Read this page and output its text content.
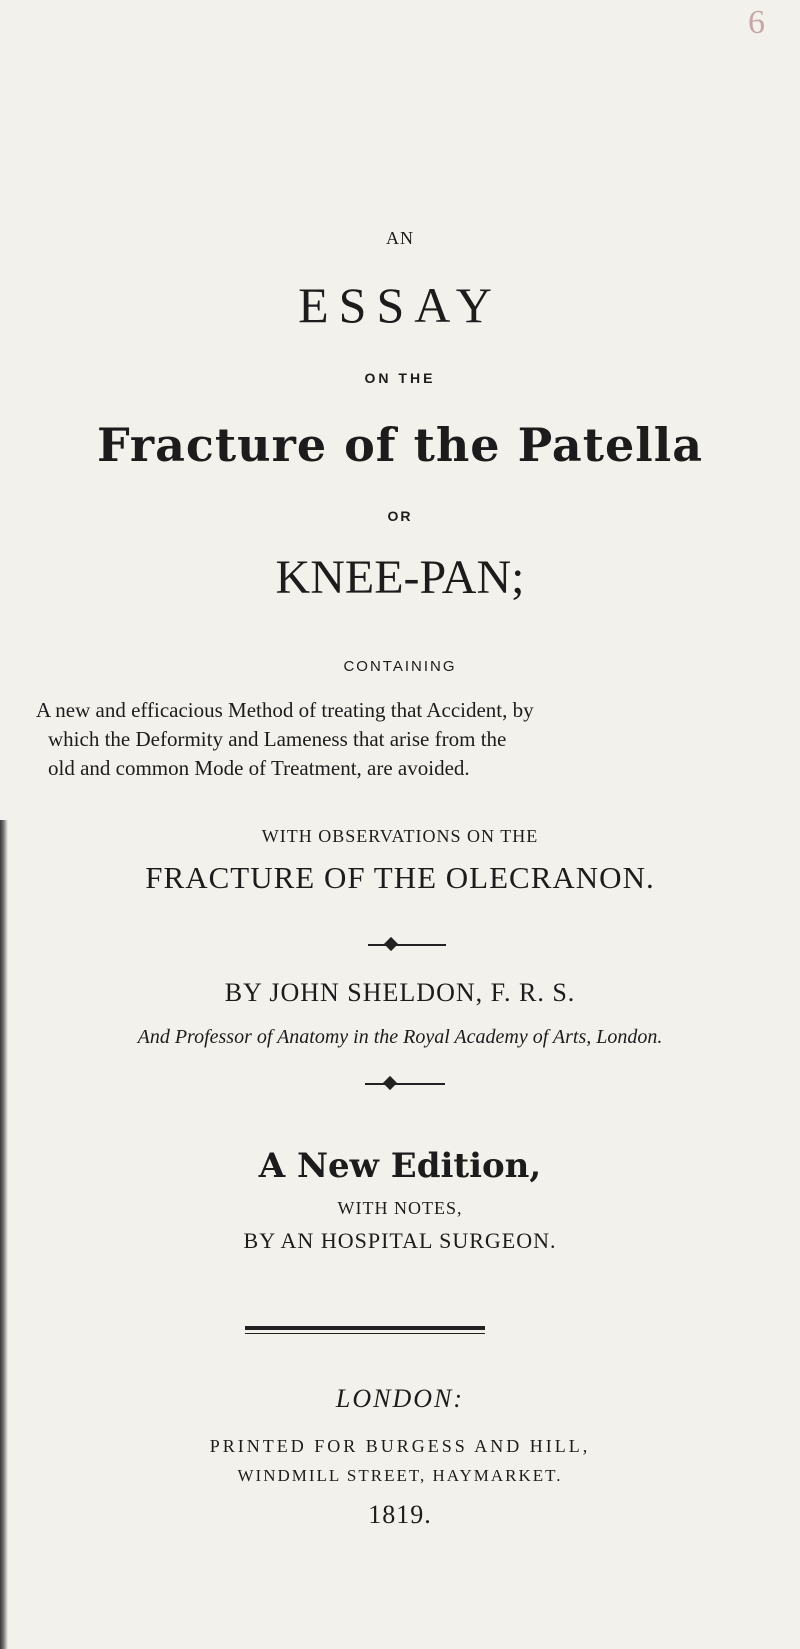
6
AN
ESSAY
ON THE
Fracture of the Patella
OR
KNEE-PAN;
CONTAINING
A new and efficacious Method of treating that Accident, by
which the Deformity and Lameness that arise from the
old and common Mode of Treatment, are avoided.
WITH OBSERVATIONS ON THE
FRACTURE OF THE OLECRANON.
BY JOHN SHELDON, F. R. S.
And Professor of Anatomy in the Royal Academy of Arts, London.
A New Edition,
WITH NOTES,
BY AN HOSPITAL SURGEON.
LONDON:
PRINTED FOR BURGESS AND HILL,
WINDMILL STREET, HAYMARKET.
1819.
